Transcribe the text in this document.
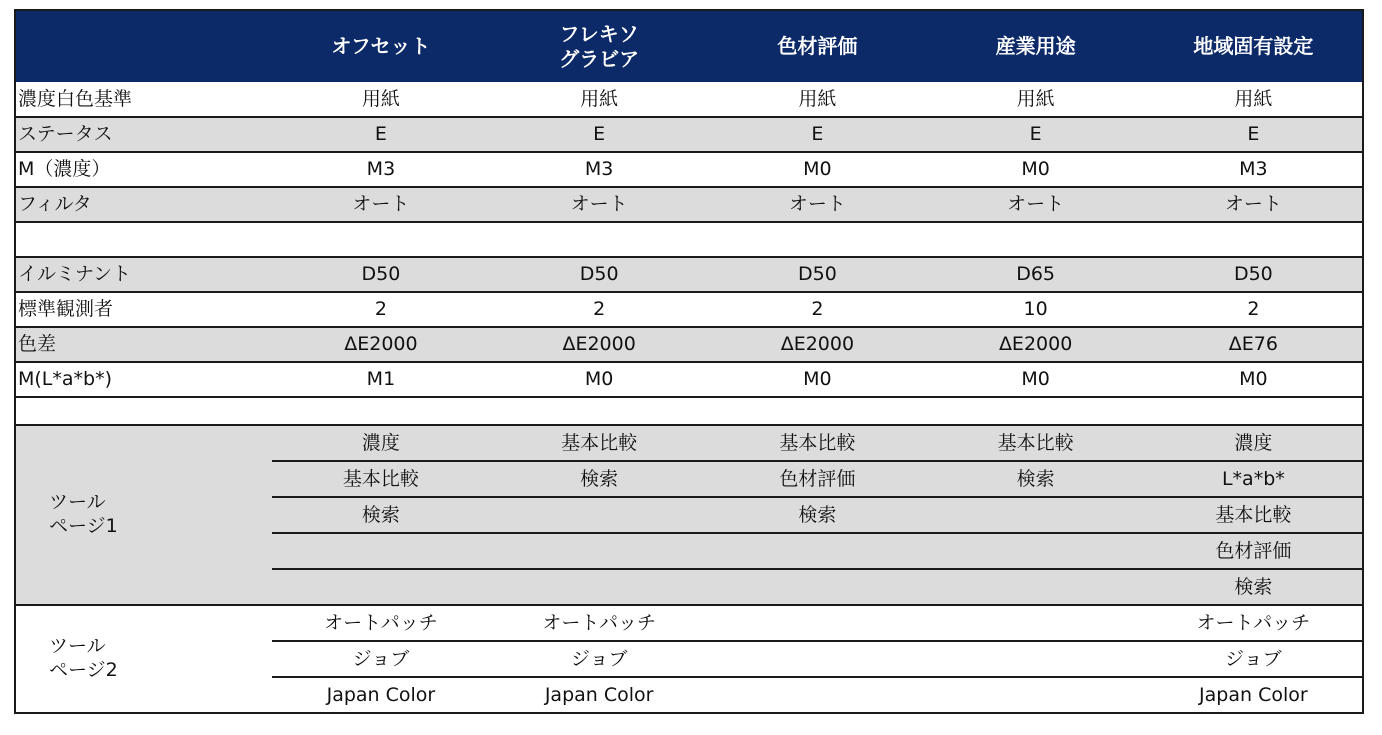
	オフセット	フレキソ
グラビア	色材評価	産業用途	地域固有設定
濃度白色基準	用紙	用紙	用紙	用紙	用紙
ステータス	E	E	E	E	E
M（濃度）	M3	M3	M0	M0	M3
フィルタ	オート	オート	オート	オート	オート

イルミナント	D50	D50	D50	D65	D50
標準観測者	2	2	2	10	2
色差	ΔE2000	ΔE2000	ΔE2000	ΔE2000	ΔE76
M(L*a*b*)	M1	M0	M0	M0	M0

ツール
ページ1	濃度	基本比較	基本比較	基本比較	濃度
	基本比較	検索	色材評価	検索	L*a*b*
	検索		検索		基本比較
					色材評価
					検索

ツール
ページ2	オートパッチ	オートパッチ			オートパッチ
	ジョブ	ジョブ			ジョブ
	Japan Color	Japan Color			Japan Color
